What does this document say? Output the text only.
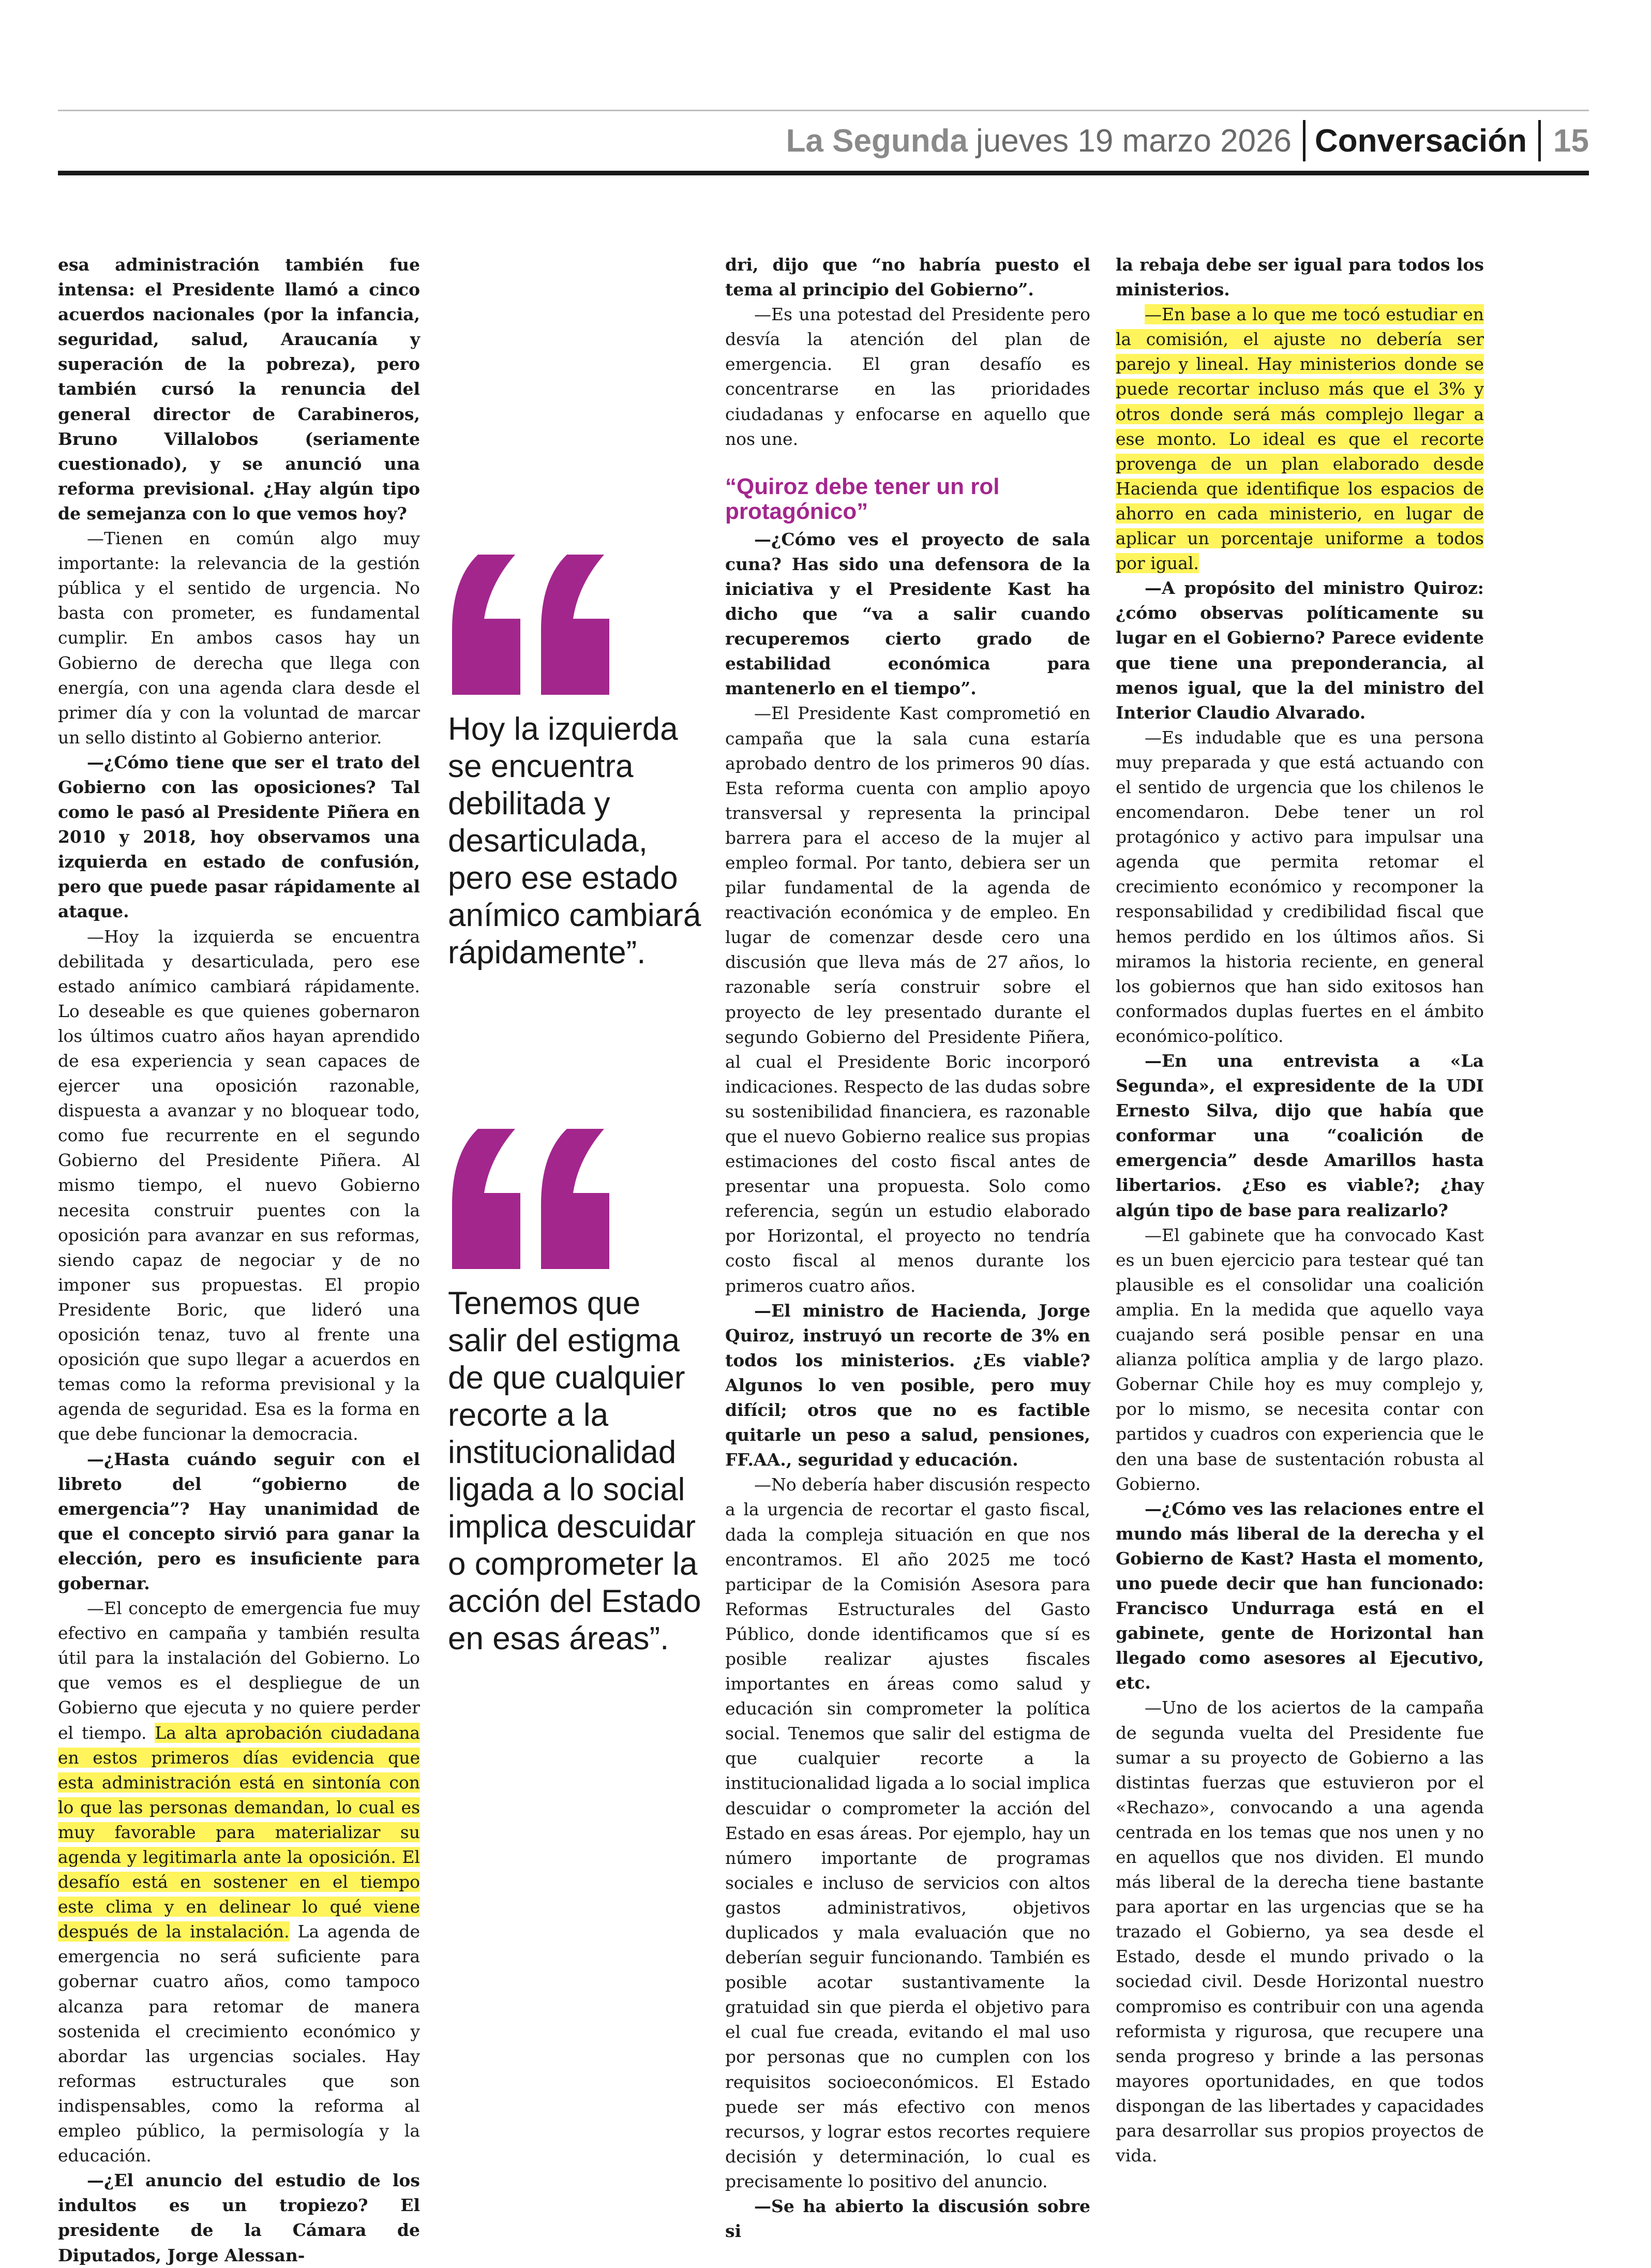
La Segunda jueves 19 marzo 2026 Conversación 15

esa administración también fue intensa: el Presidente llamó a cinco acuerdos nacionales (por la infancia, seguridad, salud, Araucanía y superación de la pobreza), pero también cursó la renuncia del general director de Carabineros, Bruno Villalobos (seriamente cuestionado), y se anunció una reforma previsional. ¿Hay algún tipo de semejanza con lo que vemos hoy?

—Tienen en común algo muy importante: la relevancia de la gestión pública y el sentido de urgencia. No basta con prometer, es fundamental cumplir. En ambos casos hay un Gobierno de derecha que llega con energía, con una agenda clara desde el primer día y con la voluntad de marcar un sello distinto al Gobierno anterior.

—¿Cómo tiene que ser el trato del Gobierno con las oposiciones? Tal como le pasó al Presidente Piñera en 2010 y 2018, hoy observamos una izquierda en estado de confusión, pero que puede pasar rápidamente al ataque.

—Hoy la izquierda se encuentra debilitada y desarticulada, pero ese estado anímico cambiará rápidamente. Lo deseable es que quienes gobernaron los últimos cuatro años hayan aprendido de esa experiencia y sean capaces de ejercer una oposición razonable, dispuesta a avanzar y no bloquear todo, como fue recurrente en el segundo Gobierno del Presidente Piñera. Al mismo tiempo, el nuevo Gobierno necesita construir puentes con la oposición para avanzar en sus reformas, siendo capaz de negociar y de no imponer sus propuestas. El propio Presidente Boric, que lideró una oposición tenaz, tuvo al frente una oposición que supo llegar a acuerdos en temas como la reforma previsional y la agenda de seguridad. Esa es la forma en que debe funcionar la democracia.

—¿Hasta cuándo seguir con el libreto del “gobierno de emergencia”? Hay unanimidad de que el concepto sirvió para ganar la elección, pero es insuficiente para gobernar.

—El concepto de emergencia fue muy efectivo en campaña y también resulta útil para la instalación del Gobierno. Lo que vemos es el despliegue de un Gobierno que ejecuta y no quiere perder el tiempo. La alta aprobación ciudadana en estos primeros días evidencia que esta administración está en sintonía con lo que las personas demandan, lo cual es muy favorable para materializar su agenda y legitimarla ante la oposición. El desafío está en sostener en el tiempo este clima y en delinear lo qué viene después de la instalación. La agenda de emergencia no será suficiente para gobernar cuatro años, como tampoco alcanza para retomar de manera sostenida el crecimiento económico y abordar las urgencias sociales. Hay reformas estructurales que son indispensables, como la reforma al empleo público, la permisología y la educación.

—¿El anuncio del estudio de los indultos es un tropiezo? El presidente de la Cámara de Diputados, Jorge Alessan-

Hoy la izquierda se encuentra debilitada y desarticulada, pero ese estado anímico cambiará rápidamente”.
Tenemos que salir del estigma de que cualquier recorte a la institucionalidad ligada a lo social implica descuidar o comprometer la acción del Estado en esas áreas”.

dri, dijo que “no habría puesto el tema al principio del Gobierno”.

—Es una potestad del Presidente pero desvía la atención del plan de emergencia. El gran desafío es concentrarse en las prioridades ciudadanas y enfocarse en aquello que nos une.

“Quiroz debe tener un rol protagónico”

—¿Cómo ves el proyecto de sala cuna? Has sido una defensora de la iniciativa y el Presidente Kast ha dicho que “va a salir cuando recuperemos cierto grado de estabilidad económica para mantenerlo en el tiempo”.

—El Presidente Kast comprometió en campaña que la sala cuna estaría aprobado dentro de los primeros 90 días. Esta reforma cuenta con amplio apoyo transversal y representa la principal barrera para el acceso de la mujer al empleo formal. Por tanto, debiera ser un pilar fundamental de la agenda de reactivación económica y de empleo. En lugar de comenzar desde cero una discusión que lleva más de 27 años, lo razonable sería construir sobre el proyecto de ley presentado durante el segundo Gobierno del Presidente Piñera, al cual el Presidente Boric incorporó indicaciones. Respecto de las dudas sobre su sostenibilidad financiera, es razonable que el nuevo Gobierno realice sus propias estimaciones del costo fiscal antes de presentar una propuesta. Solo como referencia, según un estudio elaborado por Horizontal, el proyecto no tendría costo fiscal al menos durante los primeros cuatro años.

—El ministro de Hacienda, Jorge Quiroz, instruyó un recorte de 3% en todos los ministerios. ¿Es viable? Algunos lo ven posible, pero muy difícil; otros que no es factible quitarle un peso a salud, pensiones, FF.AA., seguridad y educación.

—No debería haber discusión respecto a la urgencia de recortar el gasto fiscal, dada la compleja situación en que nos encontramos. El año 2025 me tocó participar de la Comisión Asesora para Reformas Estructurales del Gasto Público, donde identificamos que sí es posible realizar ajustes fiscales importantes en áreas como salud y educación sin comprometer la política social. Tenemos que salir del estigma de que cualquier recorte a la institucionalidad ligada a lo social implica descuidar o comprometer la acción del Estado en esas áreas. Por ejemplo, hay un número importante de programas sociales e incluso de servicios con altos gastos administrativos, objetivos duplicados y mala evaluación que no deberían seguir funcionando. También es posible acotar sustantivamente la gratuidad sin que pierda el objetivo para el cual fue creada, evitando el mal uso por personas que no cumplen con los requisitos socioeconómicos. El Estado puede ser más efectivo con menos recursos, y lograr estos recortes requiere decisión y determinación, lo cual es precisamente lo positivo del anuncio.

—Se ha abierto la discusión sobre si

la rebaja debe ser igual para todos los ministerios.

—En base a lo que me tocó estudiar en la comisión, el ajuste no debería ser parejo y lineal. Hay ministerios donde se puede recortar incluso más que el 3% y otros donde será más complejo llegar a ese monto. Lo ideal es que el recorte provenga de un plan elaborado desde Hacienda que identifique los espacios de ahorro en cada ministerio, en lugar de aplicar un porcentaje uniforme a todos por igual.

—A propósito del ministro Quiroz: ¿cómo observas políticamente su lugar en el Gobierno? Parece evidente que tiene una preponderancia, al menos igual, que la del ministro del Interior Claudio Alvarado.

—Es indudable que es una persona muy preparada y que está actuando con el sentido de urgencia que los chilenos le encomendaron. Debe tener un rol protagónico y activo para impulsar una agenda que permita retomar el crecimiento económico y recomponer la responsabilidad y credibilidad fiscal que hemos perdido en los últimos años. Si miramos la historia reciente, en general los gobiernos que han sido exitosos han conformados duplas fuertes en el ámbito económico-político.

—En una entrevista a «La Segunda», el expresidente de la UDI Ernesto Silva, dijo que había que conformar una “coalición de emergencia” desde Amarillos hasta libertarios. ¿Eso es viable?; ¿hay algún tipo de base para realizarlo?

—El gabinete que ha convocado Kast es un buen ejercicio para testear qué tan plausible es el consolidar una coalición amplia. En la medida que aquello vaya cuajando será posible pensar en una alianza política amplia y de largo plazo. Gobernar Chile hoy es muy complejo y, por lo mismo, se necesita contar con partidos y cuadros con experiencia que le den una base de sustentación robusta al Gobierno.

—¿Cómo ves las relaciones entre el mundo más liberal de la derecha y el Gobierno de Kast? Hasta el momento, uno puede decir que han funcionado: Francisco Undurraga está en el gabinete, gente de Horizontal han llegado como asesores al Ejecutivo, etc.

—Uno de los aciertos de la campaña de segunda vuelta del Presidente fue sumar a su proyecto de Gobierno a las distintas fuerzas que estuvieron por el «Rechazo», convocando a una agenda centrada en los temas que nos unen y no en aquellos que nos dividen. El mundo más liberal de la derecha tiene bastante para aportar en las urgencias que se ha trazado el Gobierno, ya sea desde el Estado, desde el mundo privado o la sociedad civil. Desde Horizontal nuestro compromiso es contribuir con una agenda reformista y rigurosa, que recupere una senda progreso y brinde a las personas mayores oportunidades, en que todos dispongan de las libertades y capacidades para desarrollar sus propios proyectos de vida.
